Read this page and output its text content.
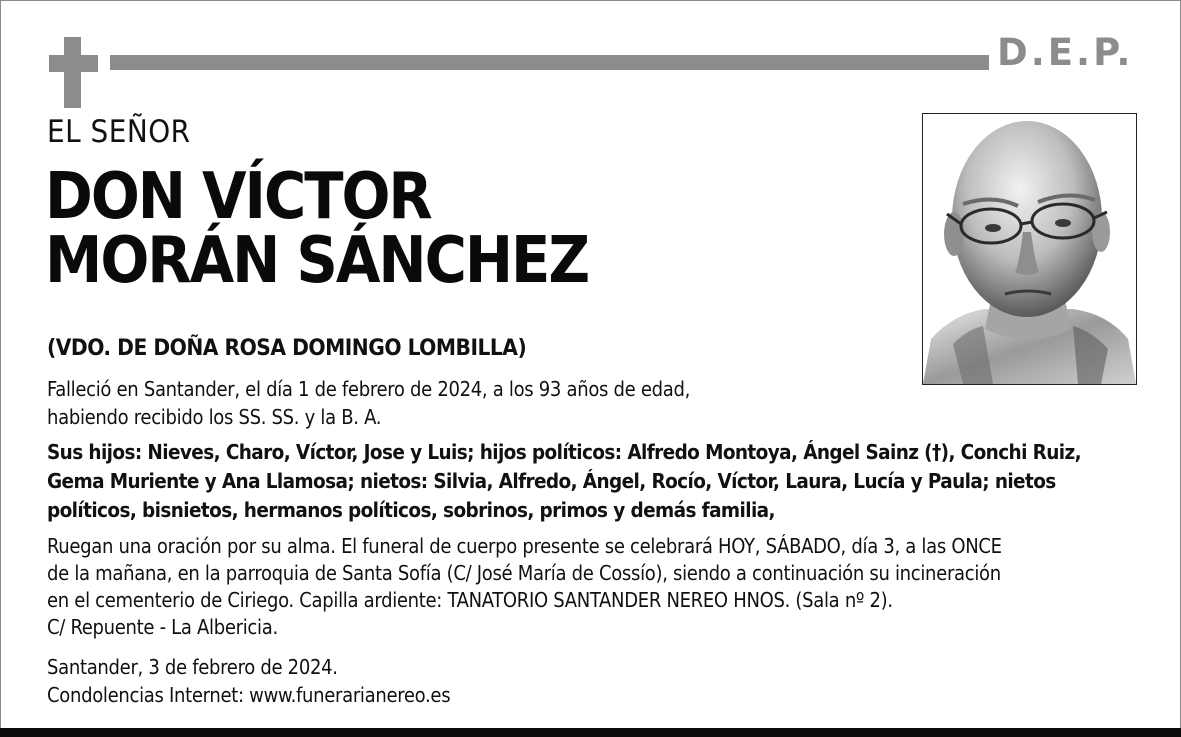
D.E.P.
EL SEÑOR
DON VÍCTOR
MORÁN SÁNCHEZ
(VDO. DE DOÑA ROSA DOMINGO LOMBILLA)
Falleció en Santander, el día 1 de febrero de 2024, a los 93 años de edad,
habiendo recibido los SS. SS. y la B. A.
Sus hijos: Nieves, Charo, Víctor, Jose y Luis; hijos políticos: Alfredo Montoya, Ángel Sainz (†), Conchi Ruiz,
Gema Muriente y Ana Llamosa; nietos: Silvia, Alfredo, Ángel, Rocío, Víctor, Laura, Lucía y Paula; nietos
políticos, bisnietos, hermanos políticos, sobrinos, primos y demás familia,
Ruegan una oración por su alma. El funeral de cuerpo presente se celebrará HOY, SÁBADO, día 3, a las ONCE
de la mañana, en la parroquia de Santa Sofía (C/ José María de Cossío), siendo a continuación su incineración
en el cementerio de Ciriego. Capilla ardiente: TANATORIO SANTANDER NEREO HNOS. (Sala nº 2).
C/ Repuente - La Albericia.
Santander, 3 de febrero de 2024.
Condolencias Internet: www.funerarianereo.es
